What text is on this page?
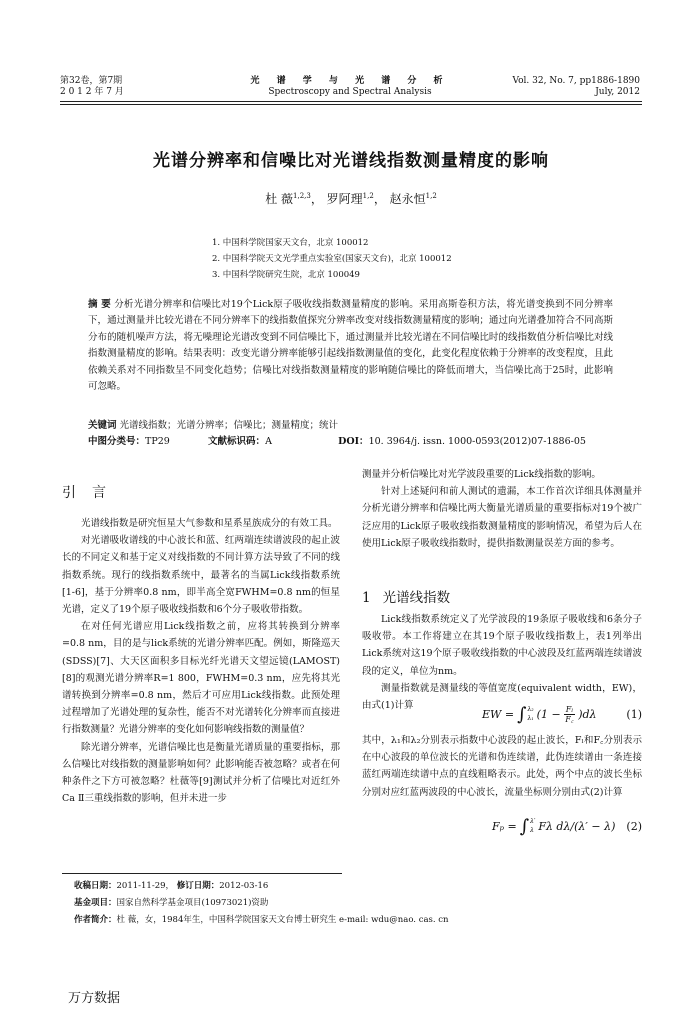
第32卷，第7期
2 0 1 2 年 7 月
光 谱 学 与 光 谱 分 析
Spectroscopy and Spectral Analysis
Vol. 32, No. 7, pp1886-1890
July, 2012
光谱分辨率和信噪比对光谱线指数测量精度的影响
杜 薇$^{1,2,3}$， 罗阿理$^{1,2}$， 赵永恒$^{1,2}$
1. 中国科学院国家天文台，北京 100012
2. 中国科学院天文光学重点实验室(国家天文台)，北京 100012
3. 中国科学院研究生院，北京 100049
摘 要 分析光谱分辨率和信噪比对19个Lick原子吸收线指数测量精度的影响。采用高斯卷积方法，将光谱变换到不同分辨率下，通过测量并比较光谱在不同分辨率下的线指数值探究分辨率改变对线指数测量精度的影响；通过向光谱叠加符合不同高斯分布的随机噪声方法，将无噪理论光谱改变到不同信噪比下，通过测量并比较光谱在不同信噪比时的线指数值分析信噪比对线指数测量精度的影响。结果表明：改变光谱分辨率能够引起线指数测量值的变化，此变化程度依赖于分辨率的改变程度，且此依赖关系对不同指数呈不同变化趋势；信噪比对线指数测量精度的影响随信噪比的降低而增大，当信噪比高于25时，此影响可忽略。
关键词 光谱线指数；光谱分辨率；信噪比；测量精度；统计
中图分类号：TP29	文献标识码：A	DOI：10. 3964/j. issn. 1000-0593(2012)07-1886-05
引言

光谱线指数是研究恒星大气参数和星系星族成分的有效工具。

对光谱吸收谱线的中心波长和蓝、红两端连续谱波段的起止波长的不同定义和基于定义对线指数的不同计算方法导致了不同的线指数系统。现行的线指数系统中，最著名的当属Lick线指数系统[1-6]，基于分辨率0.8 nm，即半高全宽FWHM=0.8 nm的恒星光谱，定义了19个原子吸收线指数和6个分子吸收带指数。

在对任何光谱应用Lick线指数之前，应将其转换到分辨率=0.8 nm，目的是与lick系统的光谱分辨率匹配。例如，斯隆巡天(SDSS)[7]、大天区面积多目标光纤光谱天文望远镜(LAMOST)[8]的观测光谱分辨率R=1 800，FWHM=0.3 nm，应先将其光谱转换到分辨率=0.8 nm，然后才可应用Lick线指数。此预处理过程增加了光谱处理的复杂性，能否不对光谱转化分辨率而直接进行指数测量？光谱分辨率的变化如何影响线指数的测量值？

除光谱分辨率，光谱信噪比也是衡量光谱质量的重要指标，那么信噪比对线指数的测量影响如何？此影响能否被忽略？或者在何种条件之下方可被忽略？杜薇等[9]测试并分析了信噪比对近红外Ca Ⅱ三重线指数的影响，但并未进一步

测量并分析信噪比对光学波段重要的Lick线指数的影响。

针对上述疑问和前人测试的遗漏，本工作首次详细具体测量并分析光谱分辨率和信噪比两大衡量光谱质量的重要指标对19个被广泛应用的Lick原子吸收线指数测量精度的影响情况，希望为后人在使用Lick原子吸收线指数时，提供指数测量误差方面的参考。

1 光谱线指数

Lick线指数系统定义了光学波段的19条原子吸收线和6条分子吸收带。本工作将建立在其19个原子吸收线指数上，表1列举出Lick系统对这19个原子吸收线指数的中心波段及红蓝两端连续谱波段的定义，单位为nm。

测量指数就是测量线的等值宽度(equivalent width，EW)，由式(1)计算

EW = ∫ λ₂
λ₁ $(1 - \frac{\text{Fₗ}}{F꜀} )d\lambda$	(1)

其中，λ₁和λ₂分别表示指数中心波段的起止波长，Fₗ和F꜀分别表示在中心波段的单位波长的光谱和伪连续谱，此伪连续谱由一条连接蓝红两端连续谱中点的直线粗略表示。此处，两个中点的波长坐标分别对应红蓝两波段的中心波长，流量坐标则分别由式(2)计算

Fₚ = ∫ λ′
λ Fλ dλ/(λ′ − λ) (2)
收稿日期：2011-11-29， 修订日期：2012-03-16
基金项目：国家自然科学基金项目(10973021)资助
作者简介：杜 薇，女，1984年生，中国科学院国家天文台博士研究生 e-mail: wdu@nao. cas. cn
万方数据
